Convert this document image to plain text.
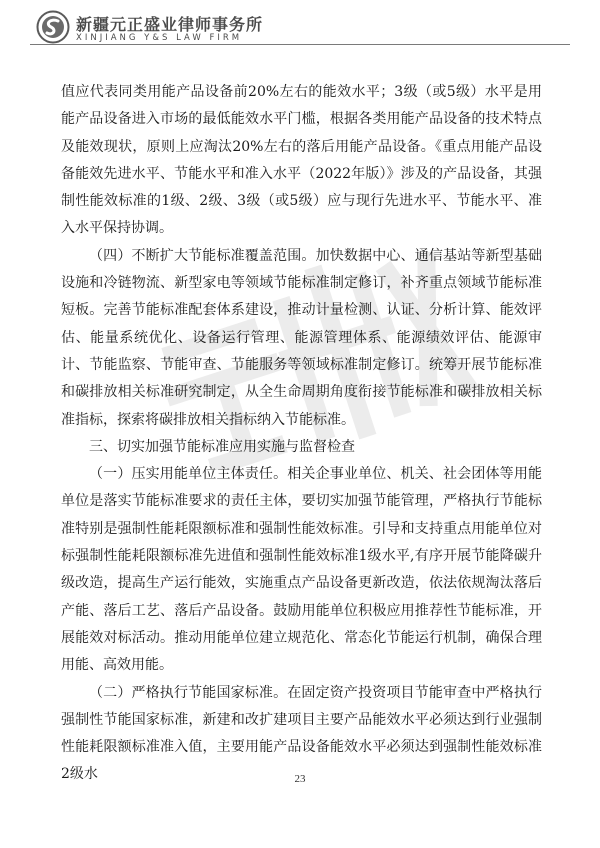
新疆元正盛业律师事务所
XINJIANG Y&S LAW FIRM

值应代表同类用能产品设备前20%左右的能效水平；3级（或5级）水平是用能产品设备进入市场的最低能效水平门槛，根据各类用能产品设备的技术特点及能效现状，原则上应淘汰20%左右的落后用能产品设备。《重点用能产品设备能效先进水平、节能水平和准入水平（2022年版）》涉及的产品设备，其强制性能效标准的1级、2级、3级（或5级）应与现行先进水平、节能水平、准入水平保持协调。

（四）不断扩大节能标准覆盖范围。加快数据中心、通信基站等新型基础设施和冷链物流、新型家电等领域节能标准制定修订，补齐重点领域节能标准短板。完善节能标准配套体系建设，推动计量检测、认证、分析计算、能效评估、能量系统优化、设备运行管理、能源管理体系、能源绩效评估、能源审计、节能监察、节能审查、节能服务等领域标准制定修订。统筹开展节能标准和碳排放相关标准研究制定，从全生命周期角度衔接节能标准和碳排放相关标准指标，探索将碳排放相关指标纳入节能标准。

三、切实加强节能标准应用实施与监督检查

（一）压实用能单位主体责任。相关企事业单位、机关、社会团体等用能单位是落实节能标准要求的责任主体，要切实加强节能管理，严格执行节能标准特别是强制性能耗限额标准和强制性能效标准。引导和支持重点用能单位对标强制性能耗限额标准先进值和强制性能效标准1级水平,有序开展节能降碳升级改造，提高生产运行能效，实施重点产品设备更新改造，依法依规淘汰落后产能、落后工艺、落后产品设备。鼓励用能单位积极应用推荐性节能标准，开展能效对标活动。推动用能单位建立规范化、常态化节能运行机制，确保合理用能、高效用能。

（二）严格执行节能国家标准。在固定资产投资项目节能审查中严格执行强制性节能国家标准，新建和改扩建项目主要产品能效水平必须达到行业强制性能耗限额标准准入值，主要用能产品设备能效水平必须达到强制性能效标准2级水	23
